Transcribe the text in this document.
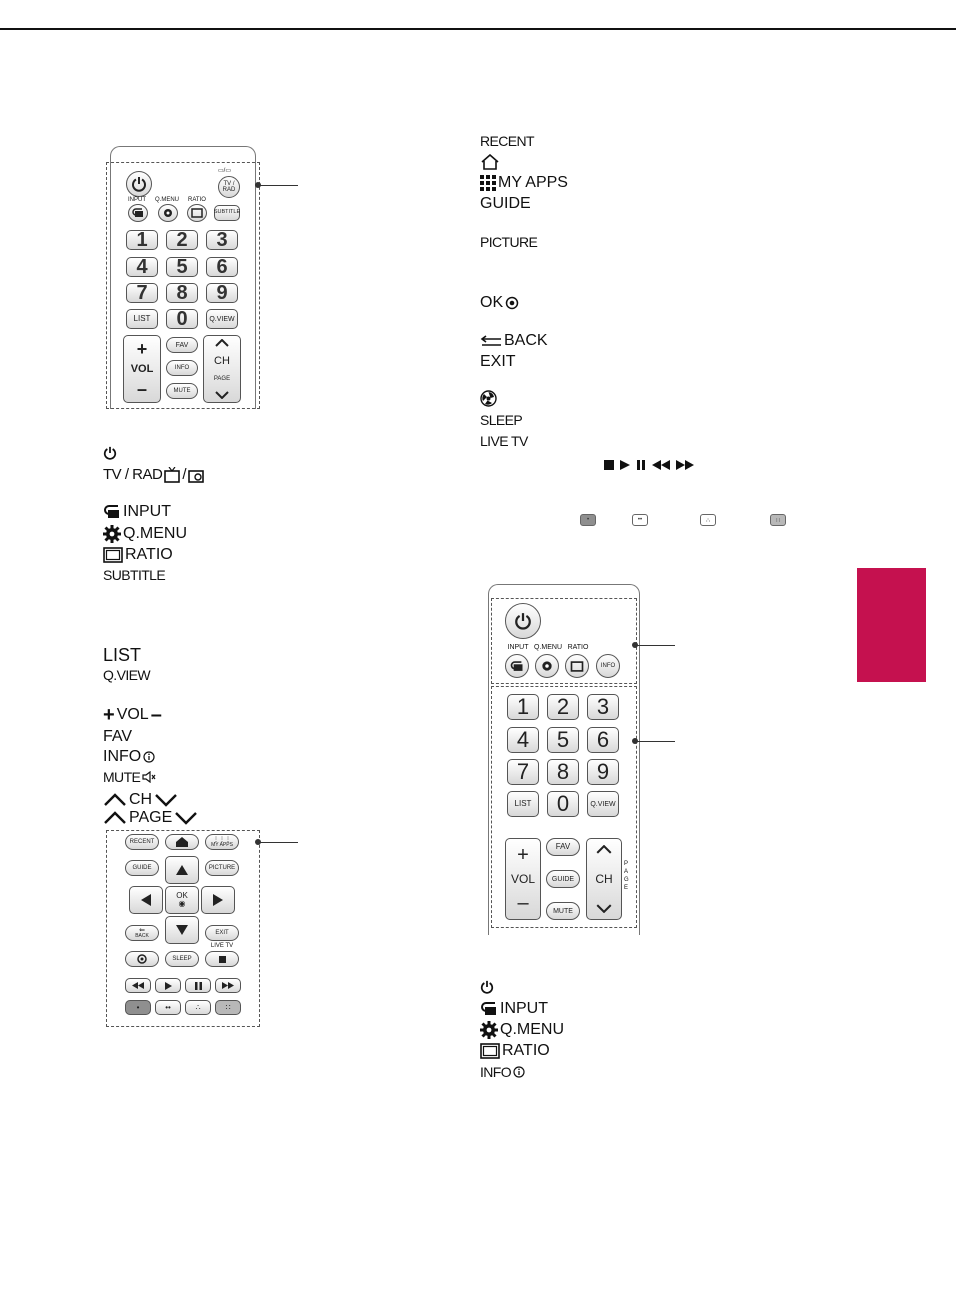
▭/▭
TV / RAD
INPUT	Q.MENU	RATIO
SUBTITLE
1 2 3
4 5 6
7 8 9
LIST 0	Q.VIEW
+
VOL
–
FAV
INFO
MUTE
CH
PAGE
TV / RAD /
INPUT
Q.MENU
RATIO
SUBTITLE
LIST
Q.VIEW
+ VOL –
FAV
INFO
MUTE
CH
PAGE
RECENT	⋮⋮⋮
MY APPS
GUIDE	PICTURE
OK
◉
⇐
BACK	EXIT
LIVE TV
SLEEP
•	••	∴	∷
RECENT
MY APPS
GUIDE
PICTURE
OK
BACK
EXIT
SLEEP
LIVE TV
•	••	∴	∷
INPUT Q.MENU RATIO
INFO
1 2 3
4 5 6
7 8 9
LIST 0	Q.VIEW
+
VOL
–
FAV
GUIDE
MUTE
CH
PAGE
INPUT
Q.MENU
RATIO
INFO
